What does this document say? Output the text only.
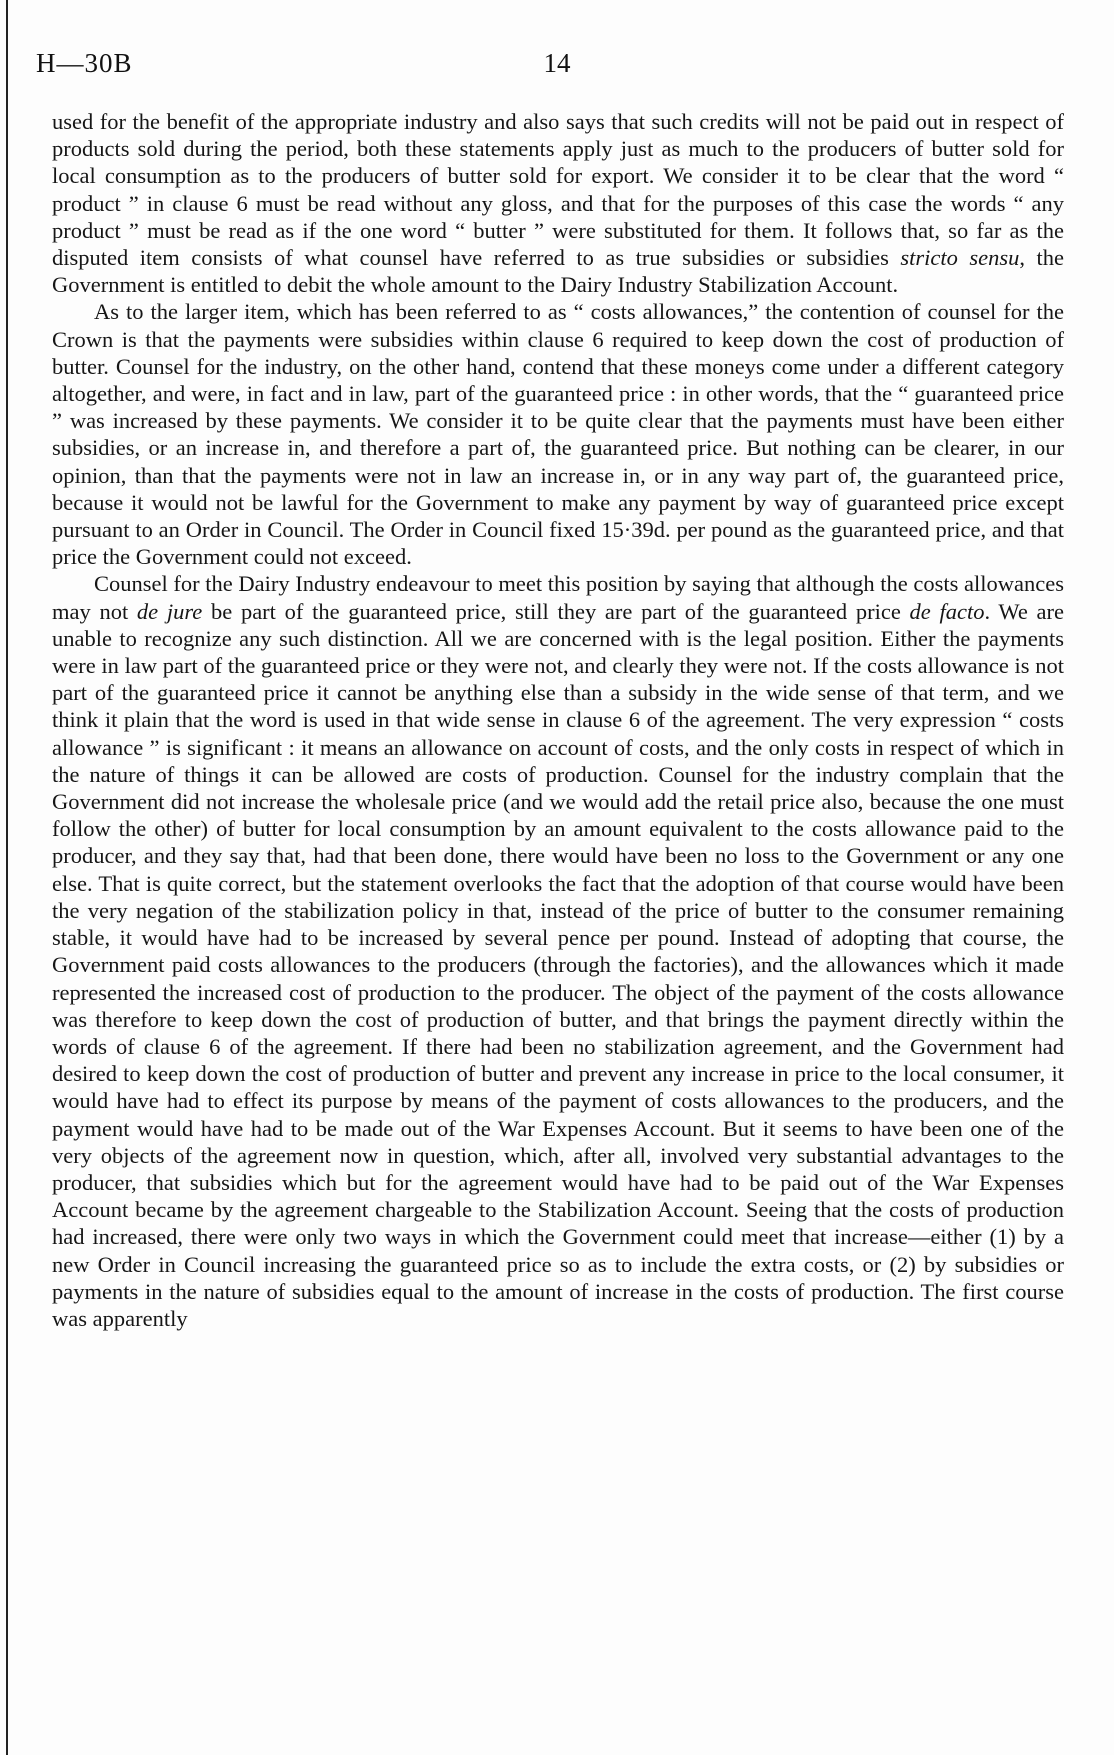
H—30B	14

used for the benefit of the appropriate industry and also says that such credits will not be paid out in respect of products sold during the period, both these statements apply just as much to the producers of butter sold for local consumption as to the producers of butter sold for export. We consider it to be clear that the word “ product ” in clause 6 must be read without any gloss, and that for the purposes of this case the words “ any product ” must be read as if the one word “ butter ” were substituted for them. It follows that, so far as the disputed item consists of what counsel have referred to as true subsidies or subsidies stricto sensu, the Government is entitled to debit the whole amount to the Dairy Industry Stabilization Account.

As to the larger item, which has been referred to as “ costs allowances,” the contention of counsel for the Crown is that the payments were subsidies within clause 6 required to keep down the cost of production of butter. Counsel for the industry, on the other hand, contend that these moneys come under a different category altogether, and were, in fact and in law, part of the guaranteed price : in other words, that the “ guaranteed price ” was increased by these payments. We consider it to be quite clear that the payments must have been either subsidies, or an increase in, and therefore a part of, the guaranteed price. But nothing can be clearer, in our opinion, than that the payments were not in law an increase in, or in any way part of, the guaranteed price, because it would not be lawful for the Government to make any payment by way of guaranteed price except pursuant to an Order in Council. The Order in Council fixed 15·39d. per pound as the guaranteed price, and that price the Government could not exceed.

Counsel for the Dairy Industry endeavour to meet this position by saying that although the costs allowances may not de jure be part of the guaranteed price, still they are part of the guaranteed price de facto. We are unable to recognize any such distinction. All we are concerned with is the legal position. Either the payments were in law part of the guaranteed price or they were not, and clearly they were not. If the costs allowance is not part of the guaranteed price it cannot be anything else than a subsidy in the wide sense of that term, and we think it plain that the word is used in that wide sense in clause 6 of the agreement. The very expression “ costs allowance ” is significant : it means an allowance on account of costs, and the only costs in respect of which in the nature of things it can be allowed are costs of production. Counsel for the industry complain that the Government did not increase the wholesale price (and we would add the retail price also, because the one must follow the other) of butter for local consumption by an amount equivalent to the costs allowance paid to the producer, and they say that, had that been done, there would have been no loss to the Government or any one else. That is quite correct, but the statement overlooks the fact that the adoption of that course would have been the very negation of the stabilization policy in that, instead of the price of butter to the consumer remaining stable, it would have had to be increased by several pence per pound. Instead of adopting that course, the Government paid costs allowances to the producers (through the factories), and the allowances which it made represented the increased cost of production to the producer. The object of the payment of the costs allowance was therefore to keep down the cost of production of butter, and that brings the payment directly within the words of clause 6 of the agreement. If there had been no stabilization agreement, and the Government had desired to keep down the cost of production of butter and prevent any increase in price to the local consumer, it would have had to effect its purpose by means of the payment of costs allowances to the producers, and the payment would have had to be made out of the War Expenses Account. But it seems to have been one of the very objects of the agreement now in question, which, after all, involved very substantial advantages to the producer, that subsidies which but for the agreement would have had to be paid out of the War Expenses Account became by the agreement chargeable to the Stabilization Account. Seeing that the costs of production had increased, there were only two ways in which the Government could meet that increase—either (1) by a new Order in Council increasing the guaranteed price so as to include the extra costs, or (2) by subsidies or payments in the nature of subsidies equal to the amount of increase in the costs of production. The first course was apparently
